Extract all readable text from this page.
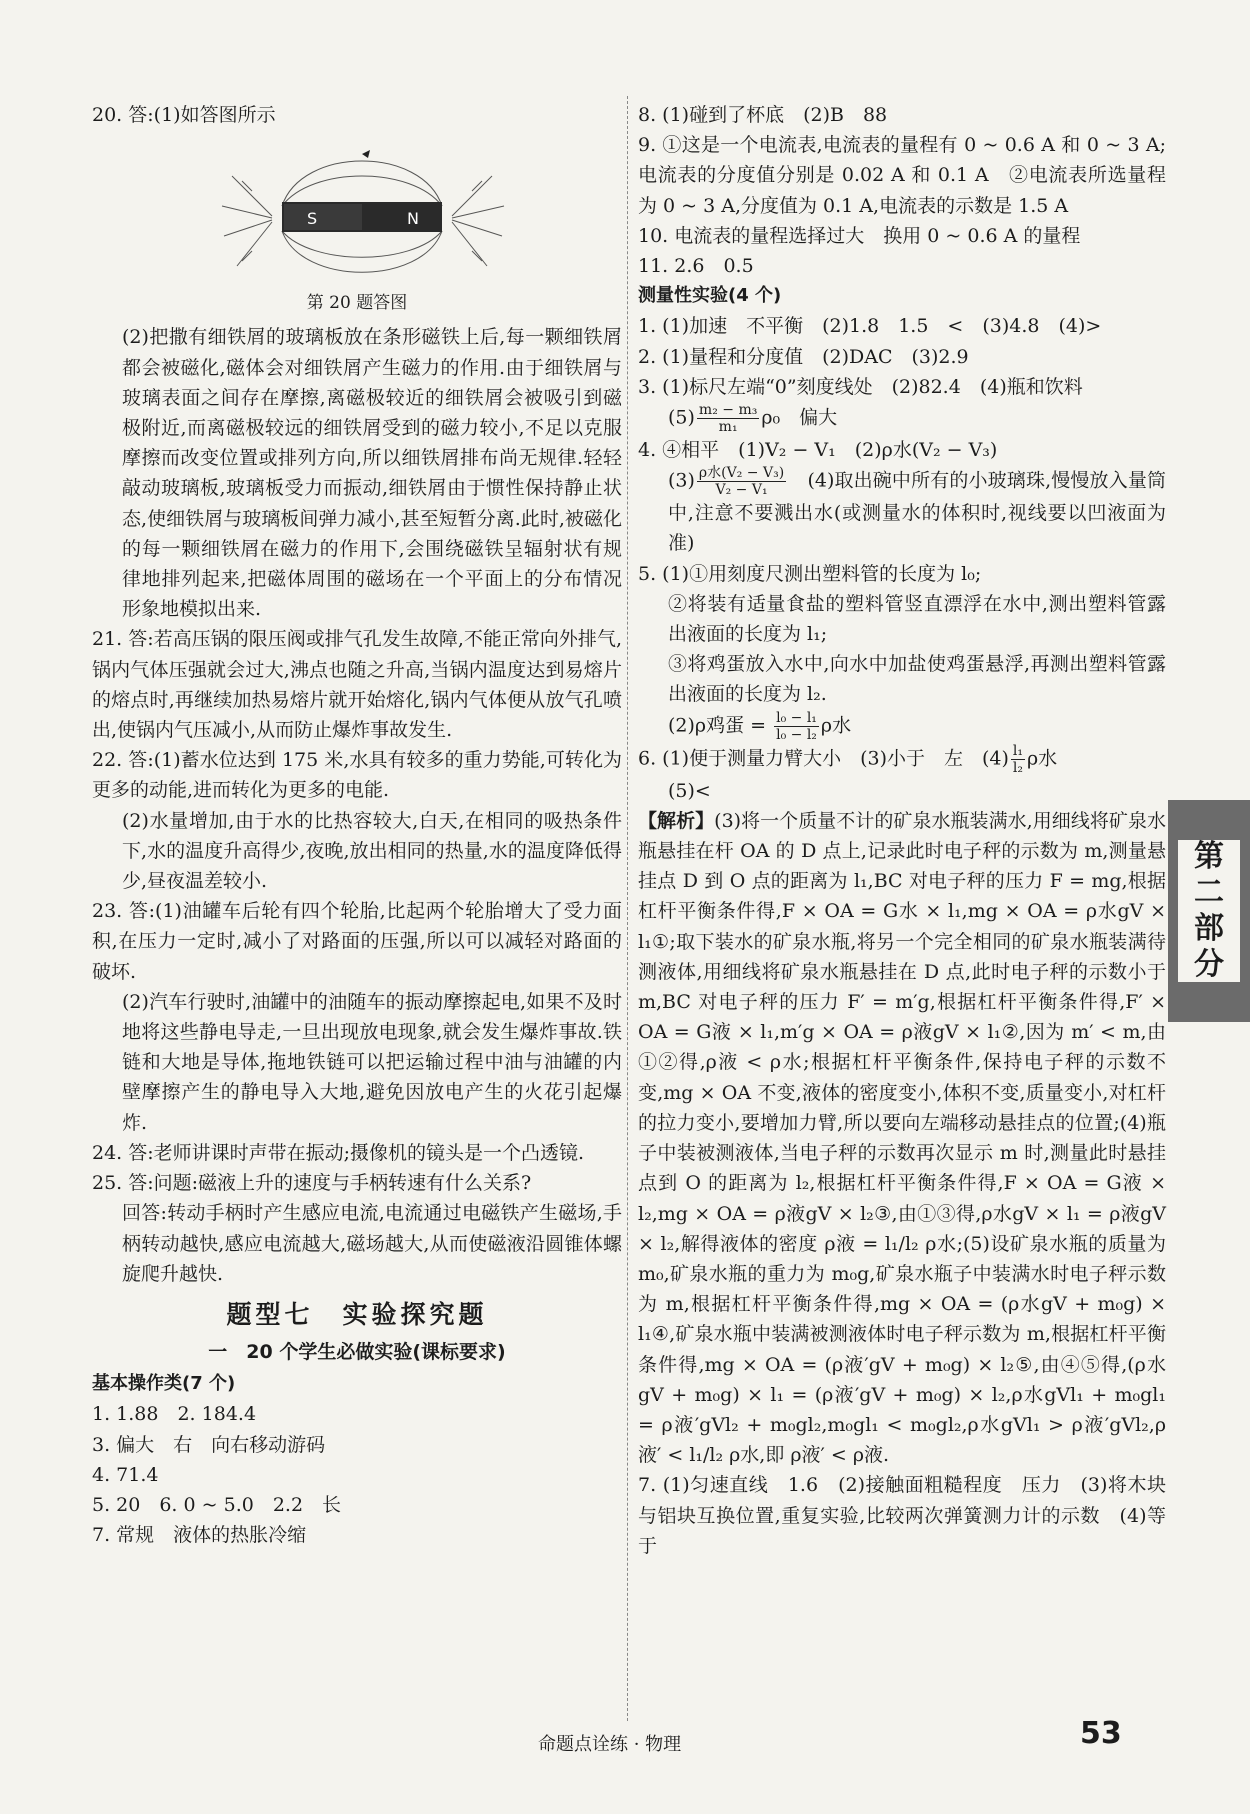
20. 答:(1)如答图所示

S	N

第 20 题答图

(2)把撒有细铁屑的玻璃板放在条形磁铁上后,每一颗细铁屑都会被磁化,磁体会对细铁屑产生磁力的作用.由于细铁屑与玻璃表面之间存在摩擦,离磁极较近的细铁屑会被吸引到磁极附近,而离磁极较远的细铁屑受到的磁力较小,不足以克服摩擦而改变位置或排列方向,所以细铁屑排布尚无规律.轻轻敲动玻璃板,玻璃板受力而振动,细铁屑由于惯性保持静止状态,使细铁屑与玻璃板间弹力减小,甚至短暂分离.此时,被磁化的每一颗细铁屑在磁力的作用下,会围绕磁铁呈辐射状有规律地排列起来,把磁体周围的磁场在一个平面上的分布情况形象地模拟出来.

21. 答:若高压锅的限压阀或排气孔发生故障,不能正常向外排气,锅内气体压强就会过大,沸点也随之升高,当锅内温度达到易熔片的熔点时,再继续加热易熔片就开始熔化,锅内气体便从放气孔喷出,使锅内气压减小,从而防止爆炸事故发生.

22. 答:(1)蓄水位达到 175 米,水具有较多的重力势能,可转化为更多的动能,进而转化为更多的电能.

(2)水量增加,由于水的比热容较大,白天,在相同的吸热条件下,水的温度升高得少,夜晚,放出相同的热量,水的温度降低得少,昼夜温差较小.

23. 答:(1)油罐车后轮有四个轮胎,比起两个轮胎增大了受力面积,在压力一定时,减小了对路面的压强,所以可以减轻对路面的破坏.

(2)汽车行驶时,油罐中的油随车的振动摩擦起电,如果不及时地将这些静电导走,一旦出现放电现象,就会发生爆炸事故.铁链和大地是导体,拖地铁链可以把运输过程中油与油罐的内壁摩擦产生的静电导入大地,避免因放电产生的火花引起爆炸.

24. 答:老师讲课时声带在振动;摄像机的镜头是一个凸透镜.

25. 答:问题:磁液上升的速度与手柄转速有什么关系?

回答:转动手柄时产生感应电流,电流通过电磁铁产生磁场,手柄转动越快,感应电流越大,磁场越大,从而使磁液沿圆锥体螺旋爬升越快.

题型七　实验探究题

一　20 个学生必做实验(课标要求)

基本操作类(7 个)

1. 1.88　2. 184.4

3. 偏大　右　向右移动游码

4. 71.4

5. 20　6. 0 ~ 5.0　2.2　长

7. 常规　液体的热胀冷缩

8. (1)碰到了杯底　(2)B　88

9. ①这是一个电流表,电流表的量程有 0 ~ 0.6 A 和 0 ~ 3 A;电流表的分度值分别是 0.02 A 和 0.1 A　②电流表所选量程为 0 ~ 3 A,分度值为 0.1 A,电流表的示数是 1.5 A

10. 电流表的量程选择过大　换用 0 ~ 0.6 A 的量程

11. 2.6　0.5

测量性实验(4 个)

1. (1)加速　不平衡　(2)1.8　1.5　<　(3)4.8　(4)>

2. (1)量程和分度值　(2)DAC　(3)2.9

3. (1)标尺左端“0”刻度线处　(2)82.4　(4)瓶和饮料

$(5) \frac{\text{m₂ − m₃}}{\text{m₁}} \rho_0$　偏大

4. ④相平　(1)V₂ − V₁　(2)ρ水(V₂ − V₃)

$(3) \frac{\text{ρ水(V₂ − V₃)}}{\text{V₂ − V₁}}$ 　(4)取出碗中所有的小玻璃珠,慢慢放入量筒中,注意不要溅出水(或测量水的体积时,视线要以凹液面为准)

5. (1)①用刻度尺测出塑料管的长度为 l₀;

②将装有适量食盐的塑料管竖直漂浮在水中,测出塑料管露出液面的长度为 l₁;

③将鸡蛋放入水中,向水中加盐使鸡蛋悬浮,再测出塑料管露出液面的长度为 l₂.

(2)ρ鸡蛋 = $\frac{\text{l₀ − l₁}}{\text{l₀ − l₂}}$ ρ水

6. (1)便于测量力臂大小　(3)小于　左　$(4) \frac{\text{l₁}}{\text{l₂}}$ ρ水

(5)<

【解析】(3)将一个质量不计的矿泉水瓶装满水,用细线将矿泉水瓶悬挂在杆 OA 的 D 点上,记录此时电子秤的示数为 m,测量悬挂点 D 到 O 点的距离为 l₁,BC 对电子秤的压力 F = mg,根据杠杆平衡条件得,F × OA = G水 × l₁,mg × OA = ρ水gV × l₁①;取下装水的矿泉水瓶,将另一个完全相同的矿泉水瓶装满待测液体,用细线将矿泉水瓶悬挂在 D 点,此时电子秤的示数小于 m,BC 对电子秤的压力 F′ = m′g,根据杠杆平衡条件得,F′ × OA = G液 × l₁,m′g × OA = ρ液gV × l₁②,因为 m′ < m,由①②得,ρ液 < ρ水;根据杠杆平衡条件,保持电子秤的示数不变,mg × OA 不变,液体的密度变小,体积不变,质量变小,对杠杆的拉力变小,要增加力臂,所以要向左端移动悬挂点的位置;(4)瓶子中装被测液体,当电子秤的示数再次显示 m 时,测量此时悬挂点到 O 的距离为 l₂,根据杠杆平衡条件得,F × OA = G液 × l₂,mg × OA = ρ液gV × l₂③,由①③得,ρ水gV × l₁ = ρ液gV × l₂,解得液体的密度 ρ液 = l₁/l₂ ρ水;(5)设矿泉水瓶的质量为 m₀,矿泉水瓶的重力为 m₀g,矿泉水瓶子中装满水时电子秤示数为 m,根据杠杆平衡条件得,mg × OA = (ρ水gV + m₀g) × l₁④,矿泉水瓶中装满被测液体时电子秤示数为 m,根据杠杆平衡条件得,mg × OA = (ρ液′gV + m₀g) × l₂⑤,由④⑤得,(ρ水gV + m₀g) × l₁ = (ρ液′gV + m₀g) × l₂,ρ水gVl₁ + m₀gl₁ = ρ液′gVl₂ + m₀gl₂,m₀gl₁ < m₀gl₂,ρ水gVl₁ > ρ液′gVl₂,ρ液′ < l₁/l₂ ρ水,即 ρ液′ < ρ液.

7. (1)匀速直线　1.6　(2)接触面粗糙程度　压力　(3)将木块与铝块互换位置,重复实验,比较两次弹簧测力计的示数　(4)等于

第
二
部
分
命题点诠练 · 物理	53
